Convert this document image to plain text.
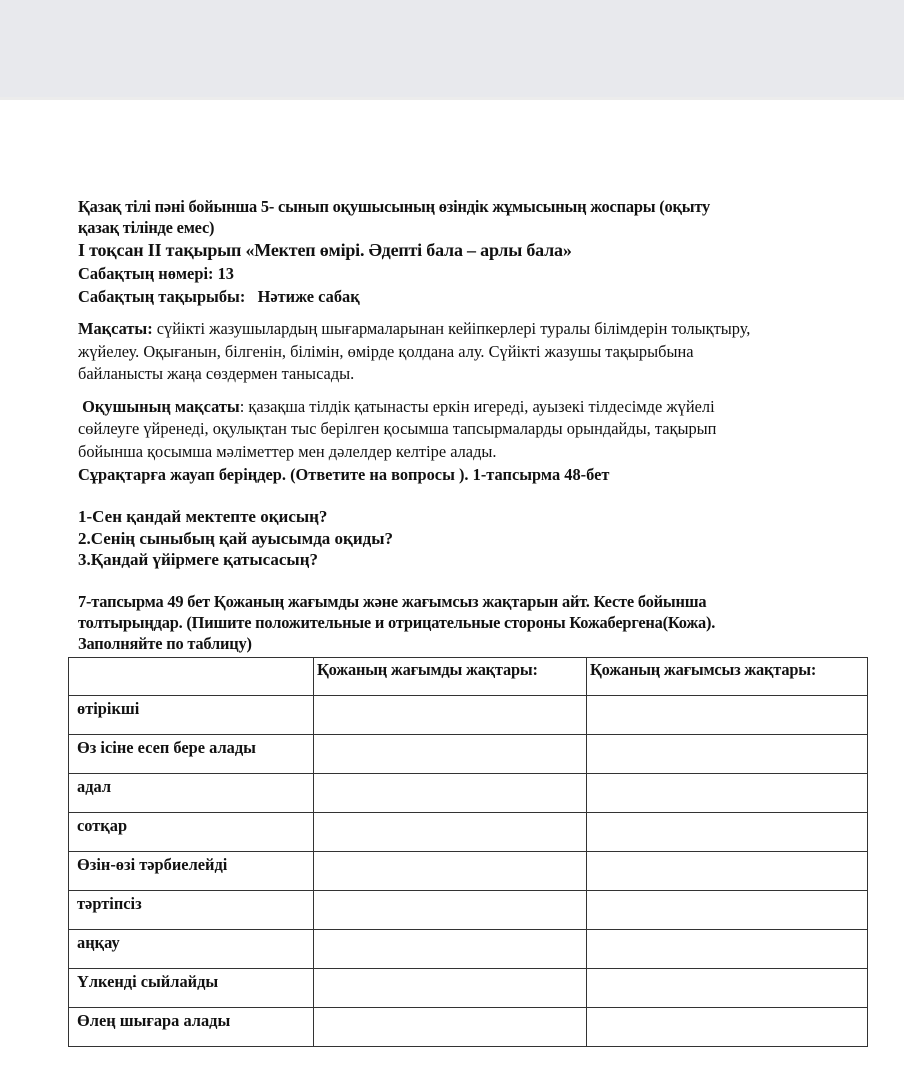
Қазақ тілі пәні бойынша 5- сынып оқушысының өзіндік жұмысының жоспары (оқыту
қазақ тілінде емес)
І тоқсан ІІ тақырып «Мектеп өмірі. Әдепті бала – арлы бала»
Сабақтың нөмері: 13
Сабақтың тақырыбы: Нәтиже сабақ
Мақсаты: сүйікті жазушылардың шығармаларынан кейіпкерлері туралы білімдерін толықтыру,
жүйелеу. Оқығанын, білгенін, білімін, өмірде қолдана алу. Сүйікті жазушы тақырыбына
байланысты жаңа сөздермен танысады.
Оқушының мақсаты: қазақша тілдік қатынасты еркін игереді, ауызекі тілдесімде жүйелі
сөйлеуге үйренеді, оқулықтан тыс берілген қосымша тапсырмаларды орындайды, тақырып
бойынша қосымша мәліметтер мен дәлелдер келтіре алады.
Сұрақтарға жауап беріңдер. (Ответите на вопросы ). 1-тапсырма 48-бет
1-Сен қандай мектепте оқисың?
2.Сенің сыныбың қай ауысымда оқиды?
3.Қандай үйірмеге қатысасың?
7-тапсырма 49 бет Қожаның жағымды және жағымсыз жақтарын айт. Кесте бойынша
толтырыңдар. (Пишите положительные и отрицательные стороны Кожабергена(Кожа).
Заполняйте по таблицу)
	Қожаның жағымды жақтары:	Қожаның жағымсыз жақтары:
өтірікші		
Өз ісіне есеп бере алады		
адал		
сотқар		
Өзін-өзі тәрбиелейді		
тәртіпсіз		
аңқау		
Үлкенді сыйлайды		
Өлең шығара алады		
